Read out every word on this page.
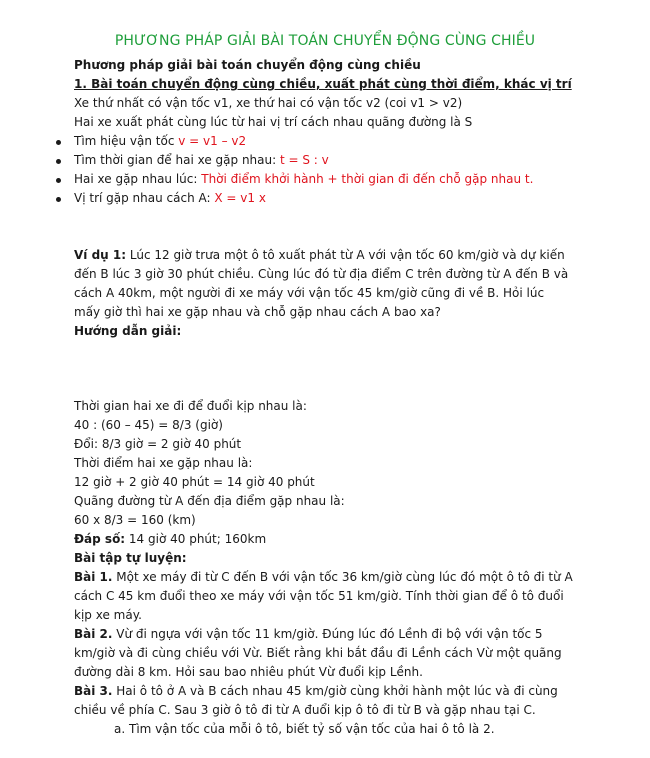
PHƯƠNG PHÁP GIẢI BÀI TOÁN CHUYỂN ĐỘNG CÙNG CHIỀU
Phương pháp giải bài toán chuyển động cùng chiều
1. Bài toán chuyển động cùng chiều, xuất phát cùng thời điểm, khác vị trí
Xe thứ nhất có vận tốc v1, xe thứ hai có vận tốc v2 (coi v1 > v2)
Hai xe xuất phát cùng lúc từ hai vị trí cách nhau quãng đường là S
Tìm hiệu vận tốc v = v1 – v2
Tìm thời gian để hai xe gặp nhau: t = S : v
Hai xe gặp nhau lúc: Thời điểm khởi hành + thời gian đi đến chỗ gặp nhau t.
Vị trí gặp nhau cách A: X = v1 x
Ví dụ 1: Lúc 12 giờ trưa một ô tô xuất phát từ A với vận tốc 60 km/giờ và dự kiến đến B lúc 3 giờ 30 phút chiều. Cùng lúc đó từ địa điểm C trên đường từ A đến B và cách A 40km, một người đi xe máy với vận tốc 45 km/giờ cũng đi về B. Hỏi lúc mấy giờ thì hai xe gặp nhau và chỗ gặp nhau cách A bao xa?
Hướng dẫn giải:
Thời gian hai xe đi để đuổi kịp nhau là:
40 : (60 – 45) = 8/3 (giờ)
Đổi: 8/3 giờ = 2 giờ 40 phút
Thời điểm hai xe gặp nhau là:
12 giờ + 2 giờ 40 phút = 14 giờ 40 phút
Quãng đường từ A đến địa điểm gặp nhau là:
60 x 8/3 = 160 (km)
Đáp số: 14 giờ 40 phút; 160km
Bài tập tự luyện:
Bài 1. Một xe máy đi từ C đến B với vận tốc 36 km/giờ cùng lúc đó một ô tô đi từ A cách C 45 km đuổi theo xe máy với vận tốc 51 km/giờ. Tính thời gian để ô tô đuổi kịp xe máy.
Bài 2. Vừ đi ngựa với vận tốc 11 km/giờ. Đúng lúc đó Lềnh đi bộ với vận tốc 5 km/giờ và đi cùng chiều với Vừ. Biết rằng khi bắt đầu đi Lềnh cách Vừ một quãng đường dài 8 km. Hỏi sau bao nhiêu phút Vừ đuổi kịp Lềnh.
Bài 3. Hai ô tô ở A và B cách nhau 45 km/giờ cùng khởi hành một lúc và đi cùng chiều về phía C. Sau 3 giờ ô tô đi từ A đuổi kịp ô tô đi từ B và gặp nhau tại C.
a. Tìm vận tốc của mỗi ô tô, biết tỷ số vận tốc của hai ô tô là 2.
